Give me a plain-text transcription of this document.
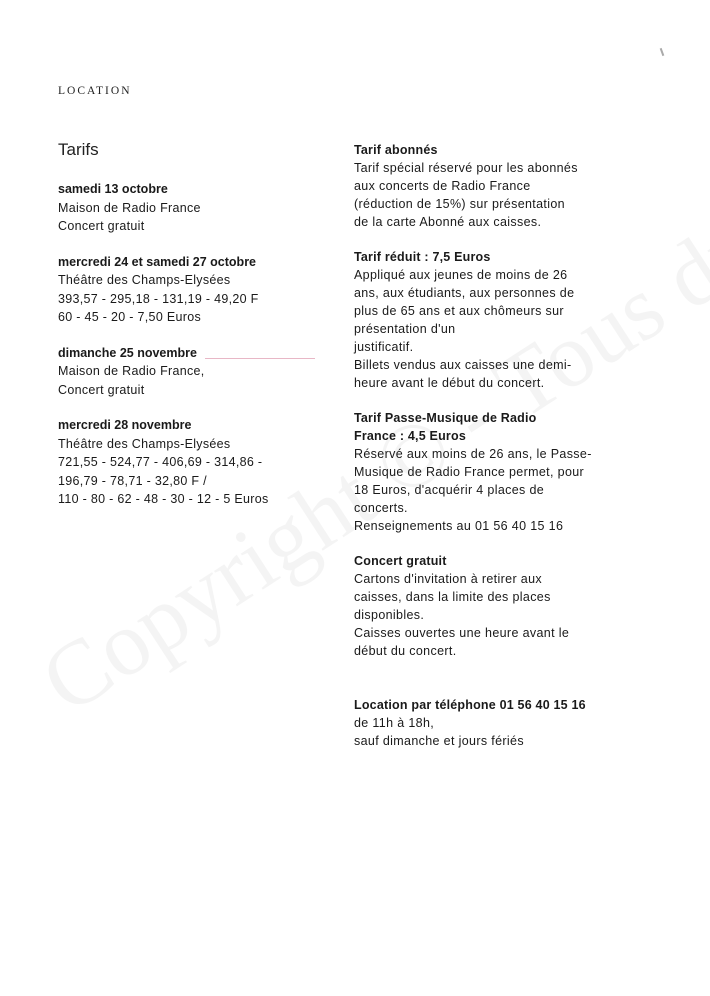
LOCATION
Tarifs
samedi 13 octobre
Maison de Radio France
Concert gratuit
mercredi 24 et samedi 27 octobre
Théâtre des Champs-Elysées
393,57 - 295,18 - 131,19 - 49,20 F
60 - 45 - 20 - 7,50 Euros
dimanche 25 novembre
Maison de Radio France,
Concert gratuit
mercredi 28 novembre
Théâtre des Champs-Elysées
721,55 - 524,77 - 406,69 - 314,86 -
196,79 - 78,71 - 32,80 F /
110 - 80 - 62 - 48 - 30 - 12 - 5 Euros
Tarif abonnés
Tarif spécial réservé pour les abonnés
aux concerts de Radio France
(réduction de 15%) sur présentation
de la carte Abonné aux caisses.
Tarif réduit : 7,5 Euros
Appliqué aux jeunes de moins de 26
ans, aux étudiants, aux personnes de
plus de 65 ans et aux chômeurs sur
présentation d'un
justificatif.
Billets vendus aux caisses une demi-
heure avant le début du concert.
Tarif Passe-Musique de Radio
France : 4,5 Euros
Réservé aux moins de 26 ans, le Passe-
Musique de Radio France permet, pour
18 Euros, d'acquérir 4 places de
concerts.
Renseignements au 01 56 40 15 16
Concert gratuit
Cartons d'invitation à retirer aux
caisses, dans la limite des places
disponibles.
Caisses ouvertes une heure avant le
début du concert.
Location par téléphone 01 56 40 15 16
de 11h à 18h,
sauf dimanche et jours fériés
